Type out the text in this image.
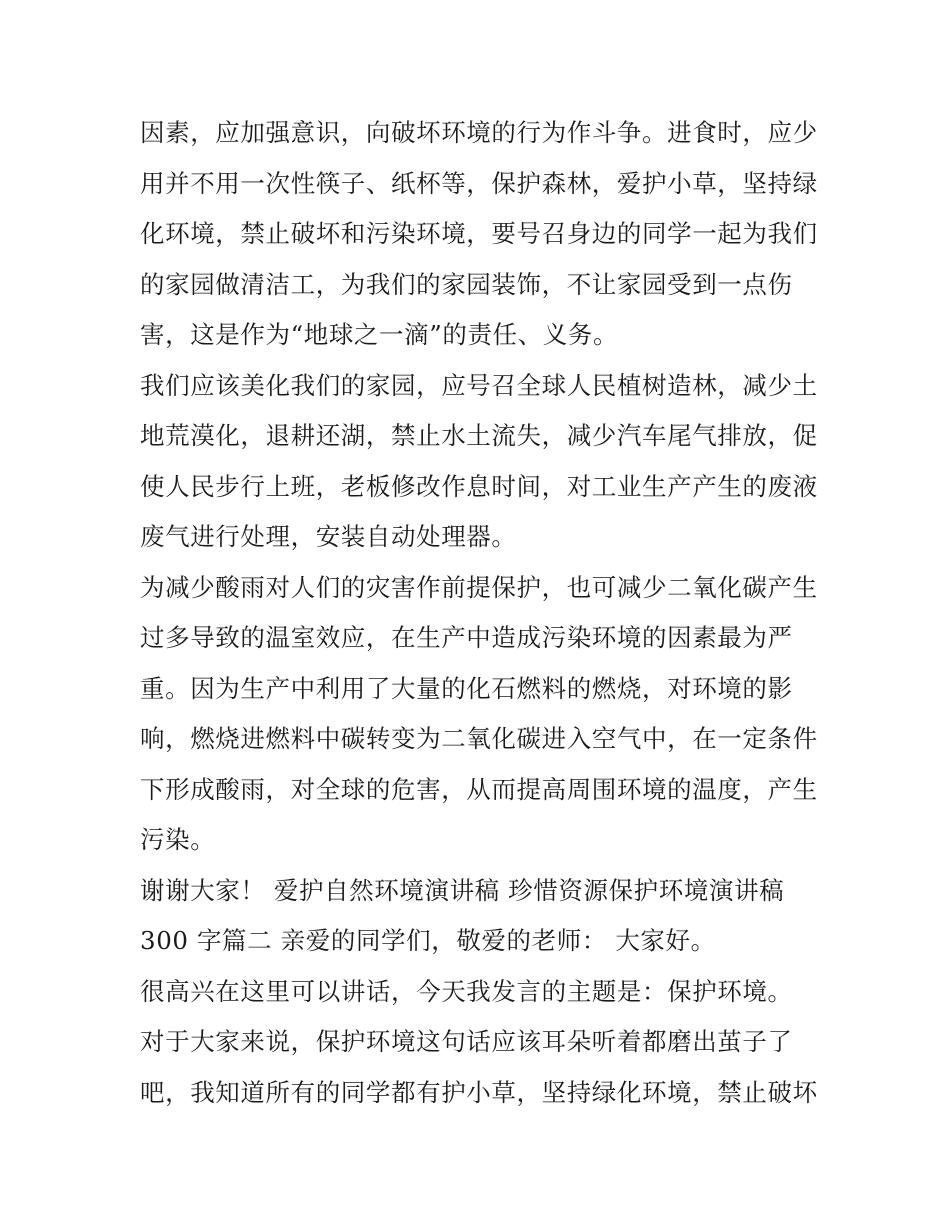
因素，应加强意识，向破坏环境的行为作斗争。进食时，应少
用并不用一次性筷子、纸杯等，保护森林，爱护小草，坚持绿
化环境，禁止破坏和污染环境，要号召身边的同学一起为我们
的家园做清洁工，为我们的家园装饰，不让家园受到一点伤
害，这是作为“地球之一滴”的责任、义务。
我们应该美化我们的家园，应号召全球人民植树造林，减少土
地荒漠化，退耕还湖，禁止水土流失，减少汽车尾气排放，促
使人民步行上班，老板修改作息时间，对工业生产产生的废液
废气进行处理，安装自动处理器。
为减少酸雨对人们的灾害作前提保护，也可减少二氧化碳产生
过多导致的温室效应，在生产中造成污染环境的因素最为严
重。因为生产中利用了大量的化石燃料的燃烧，对环境的影
响，燃烧进燃料中碳转变为二氧化碳进入空气中，在一定条件
下形成酸雨，对全球的危害，从而提高周围环境的温度，产生
污染。
谢谢大家！ 爱护自然环境演讲稿 珍惜资源保护环境演讲稿
300 字篇二 亲爱的同学们，敬爱的老师： 大家好。
很高兴在这里可以讲话，今天我发言的主题是：保护环境。
对于大家来说，保护环境这句话应该耳朵听着都磨出茧子了
吧，我知道所有的同学都有护小草，坚持绿化环境，禁止破坏
